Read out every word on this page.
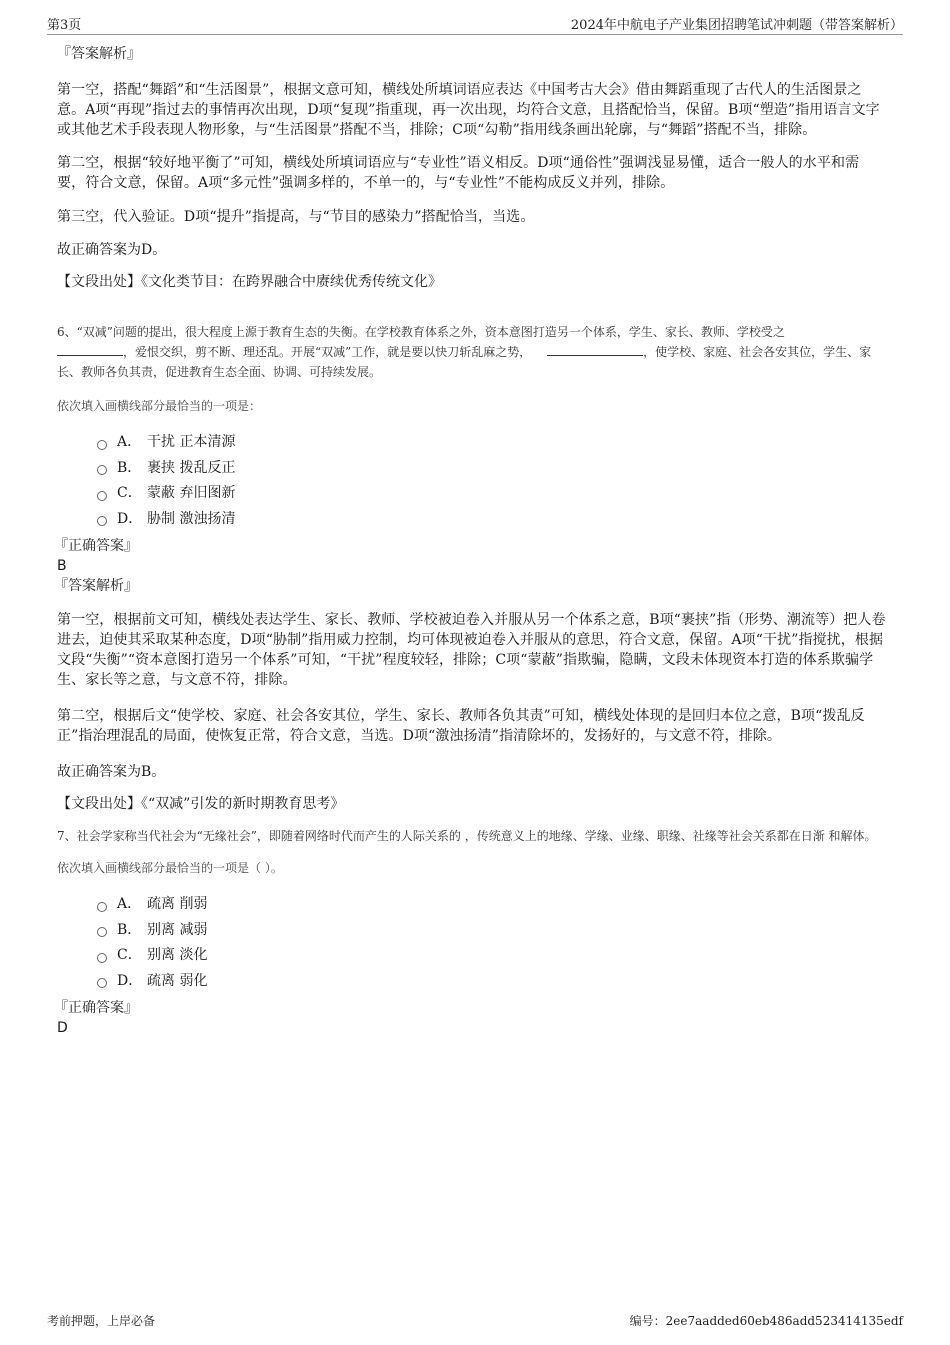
第3页	2024年中航电子产业集团招聘笔试冲刺题（带答案解析）

『答案解析』

第一空，搭配“舞蹈”和“生活图景”，根据文意可知，横线处所填词语应表达《中国考古大会》借由舞蹈重现了古代人的生活图景之意。A项“再现”指过去的事情再次出现，D项“复现”指重现，再一次出现，均符合文意，且搭配恰当，保留。B项“塑造”指用语言文字或其他艺术手段表现人物形象，与“生活图景”搭配不当，排除；C项“勾勒”指用线条画出轮廓，与“舞蹈”搭配不当，排除。

第二空，根据“较好地平衡了”可知，横线处所填词语应与“专业性”语义相反。D项“通俗性”强调浅显易懂，适合一般人的水平和需要，符合文意，保留。A项“多元性”强调多样的，不单一的，与“专业性”不能构成反义并列，排除。

第三空，代入验证。D项“提升”指提高，与“节目的感染力”搭配恰当，当选。

故正确答案为D。

【文段出处】《文化类节目：在跨界融合中赓续优秀传统文化》

6、“双减”问题的提出，很大程度上源于教育生态的失衡。在学校教育体系之外，资本意图打造另一个体系，学生、家长、教师、学校受之
，爱恨交织，剪不断、理还乱。开展“双减”工作，就是要以快刀斩乱麻之势，	，使学校、家庭、社会各安其位，学生、家长、教师各负其责，促进教育生态全面、协调、可持续发展。

依次填入画横线部分最恰当的一项是：

A． 干扰 正本清源
B． 裹挟 拨乱反正
C． 蒙蔽 弃旧图新
D． 胁制 激浊扬清

『正确答案』

B

『答案解析』

第一空，根据前文可知，横线处表达学生、家长、教师、学校被迫卷入并服从另一个体系之意，B项“裹挟”指（形势、潮流等）把人卷进去，迫使其采取某种态度，D项“胁制”指用威力控制，均可体现被迫卷入并服从的意思，符合文意，保留。A项“干扰”指搅扰，根据文段“失衡”“资本意图打造另一个体系”可知，“干扰”程度较轻，排除；C项“蒙蔽”指欺骗，隐瞒，文段未体现资本打造的体系欺骗学生、家长等之意，与文意不符，排除。

第二空，根据后文“使学校、家庭、社会各安其位，学生、家长、教师各负其责”可知，横线处体现的是回归本位之意，B项“拨乱反正”指治理混乱的局面，使恢复正常，符合文意，当选。D项“激浊扬清”指清除坏的，发扬好的，与文意不符，排除。

故正确答案为B。

【文段出处】《“双减”引发的新时期教育思考》

7、社会学家称当代社会为“无缘社会”，即随着网络时代而产生的人际关系的 ，传统意义上的地缘、学缘、业缘、职缘、社缘等社会关系都在日渐 和解体。

依次填入画横线部分最恰当的一项是（ ）。

A． 疏离 削弱
B． 别离 减弱
C． 别离 淡化
D． 疏离 弱化

『正确答案』

D

考前押题，上岸必备	编号：2ee7aadded60eb486add523414135edf
